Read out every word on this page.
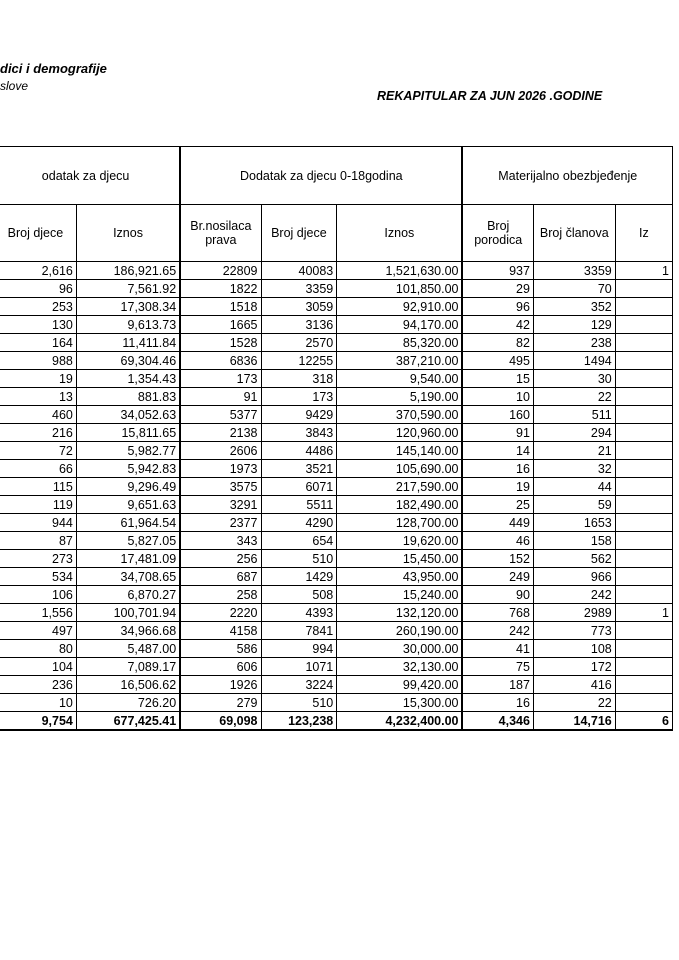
dici i demografije
slove
REKAPITULAR ZA JUN 2026 .GODINE
odatak za djecu		Dodatak za djecu 0-18godina			Materijalno obezbjeđenje		
Broj djece	Iznos	Br.nosilaca prava	Broj djece	Iznos	Broj porodica	Broj članova	Iz
2,616	186,921.65	22809	40083	1,521,630.00	937	3359	1
96	7,561.92	1822	3359	101,850.00	29	70	
253	17,308.34	1518	3059	92,910.00	96	352	
130	9,613.73	1665	3136	94,170.00	42	129	
164	11,411.84	1528	2570	85,320.00	82	238	
988	69,304.46	6836	12255	387,210.00	495	1494	
19	1,354.43	173	318	9,540.00	15	30	
13	881.83	91	173	5,190.00	10	22	
460	34,052.63	5377	9429	370,590.00	160	511	
216	15,811.65	2138	3843	120,960.00	91	294	
72	5,982.77	2606	4486	145,140.00	14	21	
66	5,942.83	1973	3521	105,690.00	16	32	
115	9,296.49	3575	6071	217,590.00	19	44	
119	9,651.63	3291	5511	182,490.00	25	59	
944	61,964.54	2377	4290	128,700.00	449	1653	
87	5,827.05	343	654	19,620.00	46	158	
273	17,481.09	256	510	15,450.00	152	562	
534	34,708.65	687	1429	43,950.00	249	966	
106	6,870.27	258	508	15,240.00	90	242	
1,556	100,701.94	2220	4393	132,120.00	768	2989	1
497	34,966.68	4158	7841	260,190.00	242	773	
80	5,487.00	586	994	30,000.00	41	108	
104	7,089.17	606	1071	32,130.00	75	172	
236	16,506.62	1926	3224	99,420.00	187	416	
10	726.20	279	510	15,300.00	16	22	
9,754	677,425.41	69,098	123,238	4,232,400.00	4,346	14,716	6
